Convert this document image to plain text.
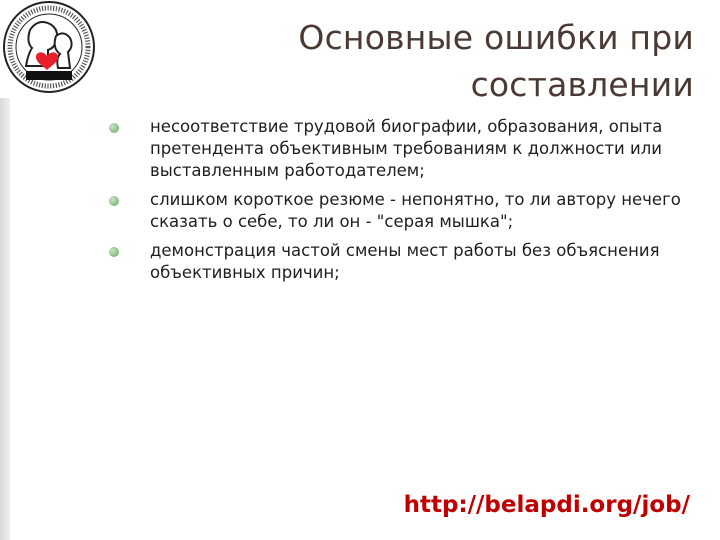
Основные ошибки при
составлении
несоответствие трудовой биографии, образования, опыта претендента объективным требованиям к должности или выставленным работодателем;
слишком короткое резюме - непонятно, то ли автору нечего сказать о себе, то ли он - "серая мышка";
демонстрация частой смены мест работы без объяснения объективных причин;
http://belapdi.org/job/
